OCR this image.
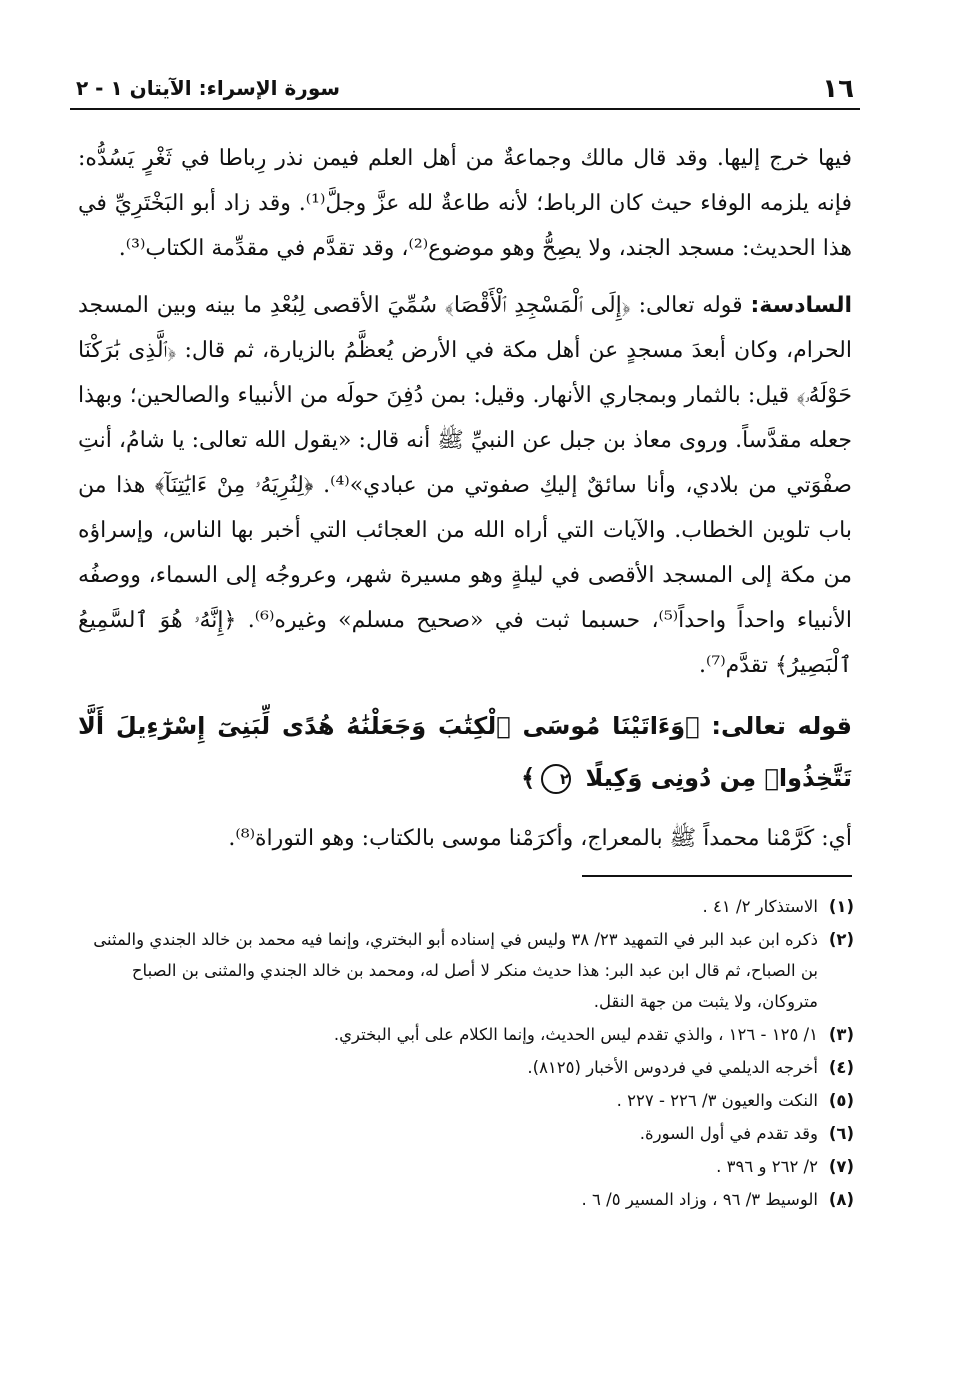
١٦
سورة الإسراء: الآيتان ١ - ٢

فيها خرج إليها. وقد قال مالك وجماعةٌ من أهل العلم فيمن نذر رِباطا في ثَغْرٍ يَسُدُّه: فإنه يلزمه الوفاء حيث كان الرباط؛ لأنه طاعةٌ لله عزَّ وجلَّ⁽¹⁾. وقد زاد أبو البَخْتَرِيِّ في هذا الحديث: مسجد الجند، ولا يصِحُّ وهو موضوع⁽²⁾، وقد تقدَّم في مقدِّمة الكتاب⁽³⁾.

السادسة: قوله تعالى: ﴿إِلَى ٱلْمَسْجِدِ ٱلْأَقْصَا﴾ سُمِّيَ الأقصى لِبُعْدِ ما بينه وبين المسجد الحرام، وكان أبعدَ مسجدٍ عن أهل مكة في الأرض يُعظَّمُ بالزيارة، ثم قال: ﴿ٱلَّذِى بَٰرَكْنَا حَوْلَهُۥ﴾ قيل: بالثمار وبمجاري الأنهار. وقيل: بمن دُفِنَ حولَه من الأنبياء والصالحين؛ وبهذا جعله مقدَّساً. وروى معاذ بن جبل عن النبيِّ ﷺ أنه قال: «يقول الله تعالى: يا شامُ، أنتِ صفْوَتي من بلادي، وأنا سائقٌ إليكِ صفوتي من عبادي»⁽⁴⁾. ﴿لِنُرِيَهُۥ مِنْ ءَايَٰتِنَآ﴾ هذا من باب تلوين الخطاب. والآيات التي أراه الله من العجائب التي أخبر بها الناس، وإسراؤه من مكة إلى المسجد الأقصى في ليلةٍ وهو مسيرة شهر، وعروجُه إلى السماء، ووصفُه الأنبياء واحداً واحداً⁽⁵⁾، حسبما ثبت في «صحيح مسلم» وغيره⁽⁶⁾. ﴿إِنَّهُۥ هُوَ ٱلسَّمِيعُ ٱلْبَصِيرُ﴾ تقدَّم⁽⁷⁾.

قوله تعالى: ﴿وَءَاتَيْنَا مُوسَى ٱلْكِتَٰبَ وَجَعَلْنَٰهُ هُدًى لِّبَنِىٓ إِسْرَٰٓءِيلَ أَلَّا تَتَّخِذُوا۟ مِن دُونِى وَكِيلًا ٢﴾

أي: كَرَّمْنا محمداً ﷺ بالمعراج، وأكرَمْنا موسى بالكتاب: وهو التوراة⁽⁸⁾.

(١)
الاستذكار ٢/ ٤١ .
(٢)
ذكره ابن عبد البر في التمهيد ٢٣/ ٣٨ وليس في إسناده أبو البختري، وإنما فيه محمد بن خالد الجندي والمثنى بن الصباح، ثم قال ابن عبد البر: هذا حديث منكر لا أصل له، ومحمد بن خالد الجندي والمثنى بن الصباح متروكان، ولا يثبت من جهة النقل.
(٣)
١/ ١٢٥ - ١٢٦ ، والذي تقدم ليس الحديث، وإنما الكلام على أبي البختري.
(٤)
أخرجه الديلمي في فردوس الأخبار (٨١٢٥).
(٥)
النكت والعيون ٣/ ٢٢٦ - ٢٢٧ .
(٦)
وقد تقدم في أول السورة.
(٧)
٢/ ٢٦٢ و ٣٩٦ .
(٨)
الوسيط ٣/ ٩٦ ، وزاد المسير ٥/ ٦ .
